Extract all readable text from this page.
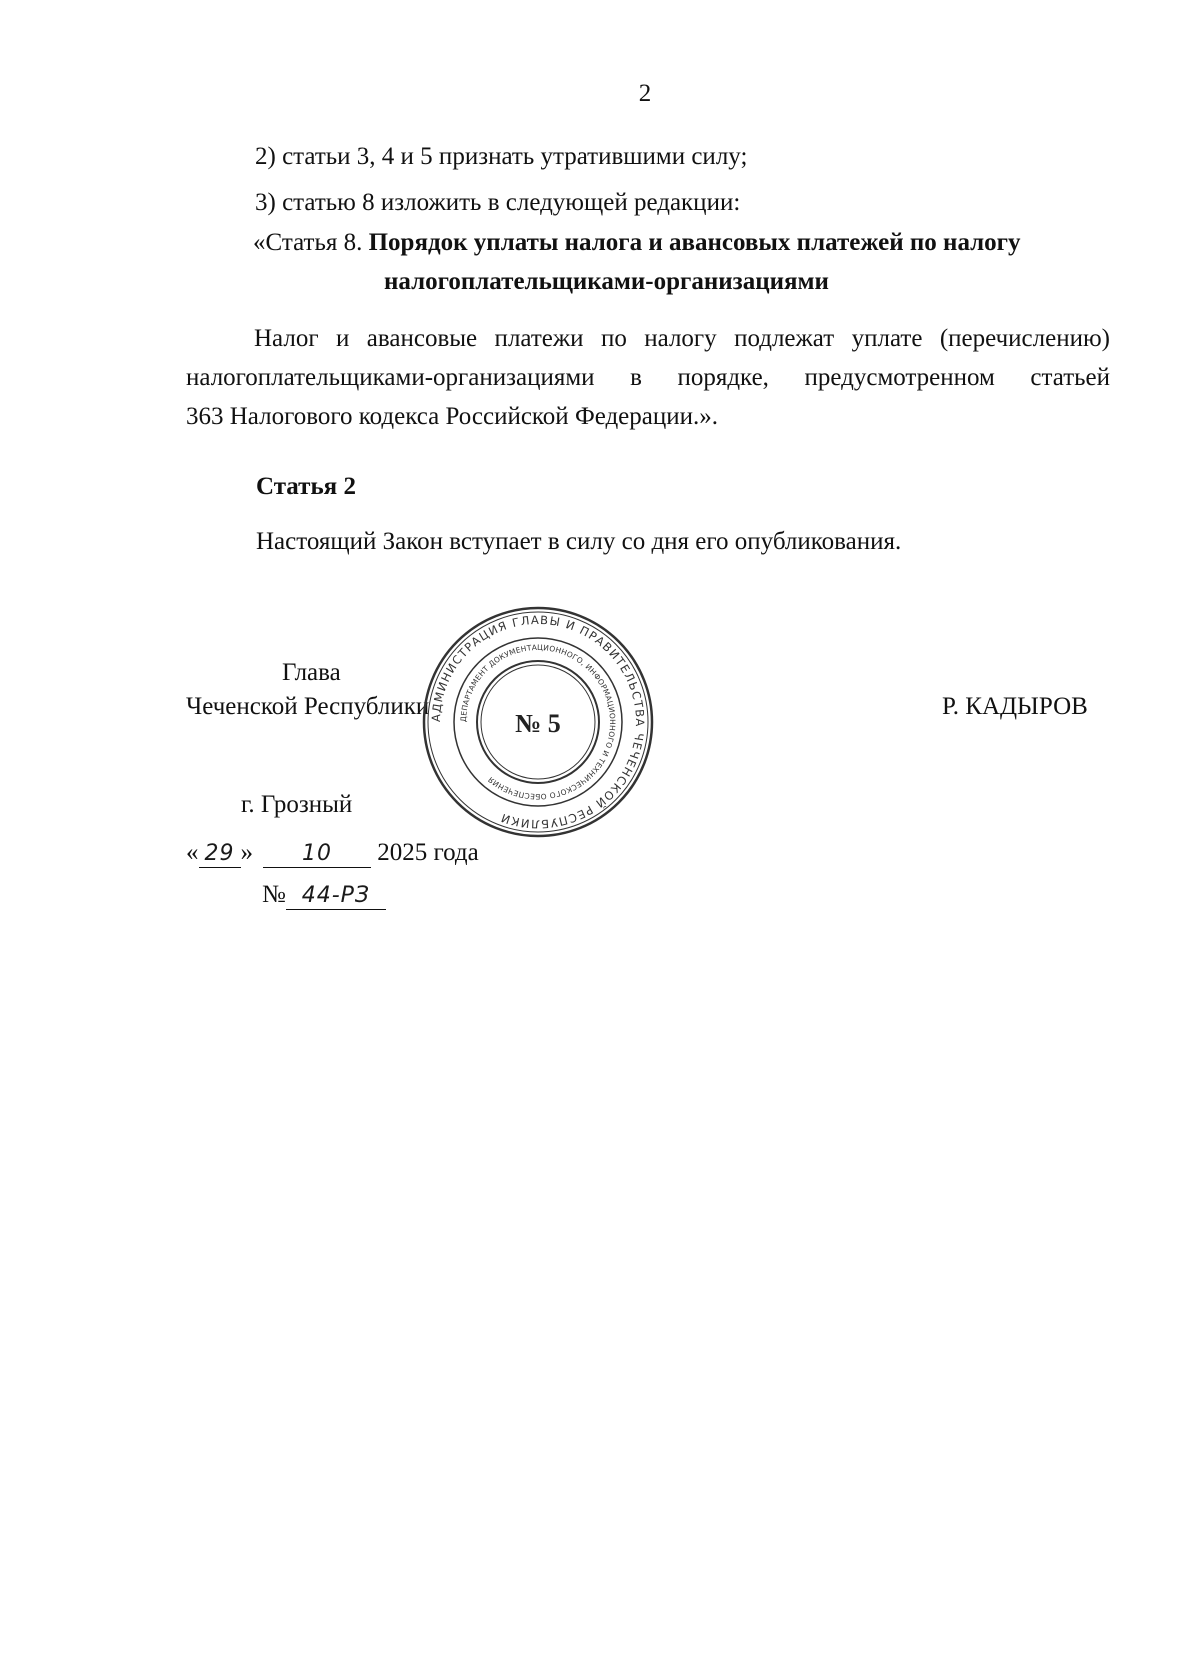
2
2) статьи 3, 4 и 5 признать утратившими силу;
3) статью 8 изложить в следующей редакции:
«Статья 8. Порядок уплаты налога и авансовых платежей по налогу
налогоплательщиками-организациями
Налог и авансовые платежи по налогу подлежат уплате (перечислению)
налогоплательщиками-организациями в порядке, предусмотренном статьей
363 Налогового кодекса Российской Федерации.».
Статья 2
Настоящий Закон вступает в силу со дня его опубликования.
Глава
Чеченской Республики	Р. КАДЫРОВ
АДМИНИСТРАЦИЯ ГЛАВЫ И ПРАВИТЕЛЬСТВА ЧЕЧЕНСКОЙ РЕСПУБЛИКИ
ДЕПАРТАМЕНТ ДОКУМЕНТАЦИОННОГО, ИНФОРМАЦИОННОГО И ТЕХНИЧЕСКОГО ОБЕСПЕЧЕНИЯ
№ 5
г. Грозный
« 29 » 10 2025 года
№ 44-РЗ
